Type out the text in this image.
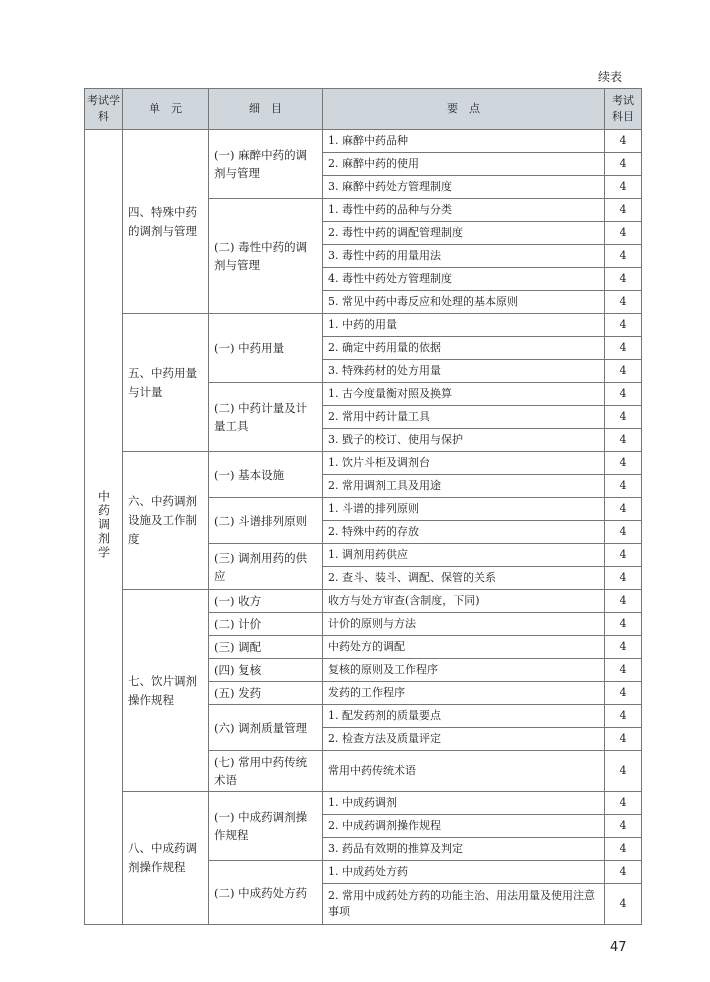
续表
考试学科	单　元	细　目	要　点	考试科目
中药调剂学	四、特殊中药的调剂与管理	(一) 麻醉中药的调剂与管理	1. 麻醉中药品种	4
			2. 麻醉中药的使用	4
			3. 麻醉中药处方管理制度	4
		(二) 毒性中药的调剂与管理	1. 毒性中药的品种与分类	4
			2. 毒性中药的调配管理制度	4
			3. 毒性中药的用量用法	4
			4. 毒性中药处方管理制度	4
			5. 常见中药中毒反应和处理的基本原则	4
	五、中药用量与计量	(一) 中药用量	1. 中药的用量	4
			2. 确定中药用量的依据	4
			3. 特殊药材的处方用量	4
		(二) 中药计量及计量工具	1. 古今度量衡对照及换算	4
			2. 常用中药计量工具	4
			3. 戥子的校订、使用与保护	4
	六、中药调剂设施及工作制度	(一) 基本设施	1. 饮片斗柜及调剂台	4
			2. 常用调剂工具及用途	4
		(二) 斗谱排列原则	1. 斗谱的排列原则	4
			2. 特殊中药的存放	4
		(三) 调剂用药的供应	1. 调剂用药供应	4
			2. 查斗、装斗、调配、保管的关系	4
	七、饮片调剂操作规程	(一) 收方	收方与处方审查(含制度，下同)	4
		(二) 计价	计价的原则与方法	4
		(三) 调配	中药处方的调配	4
		(四) 复核	复核的原则及工作程序	4
		(五) 发药	发药的工作程序	4
		(六) 调剂质量管理	1. 配发药剂的质量要点	4
			2. 检查方法及质量评定	4
		(七) 常用中药传统术语	常用中药传统术语	4
	八、中成药调剂操作规程	(一) 中成药调剂操作规程	1. 中成药调剂	4
			2. 中成药调剂操作规程	4
			3. 药品有效期的推算及判定	4
		(二) 中成药处方药	1. 中成药处方药	4
			2. 常用中成药处方药的功能主治、用法用量及使用注意事项	4
47
